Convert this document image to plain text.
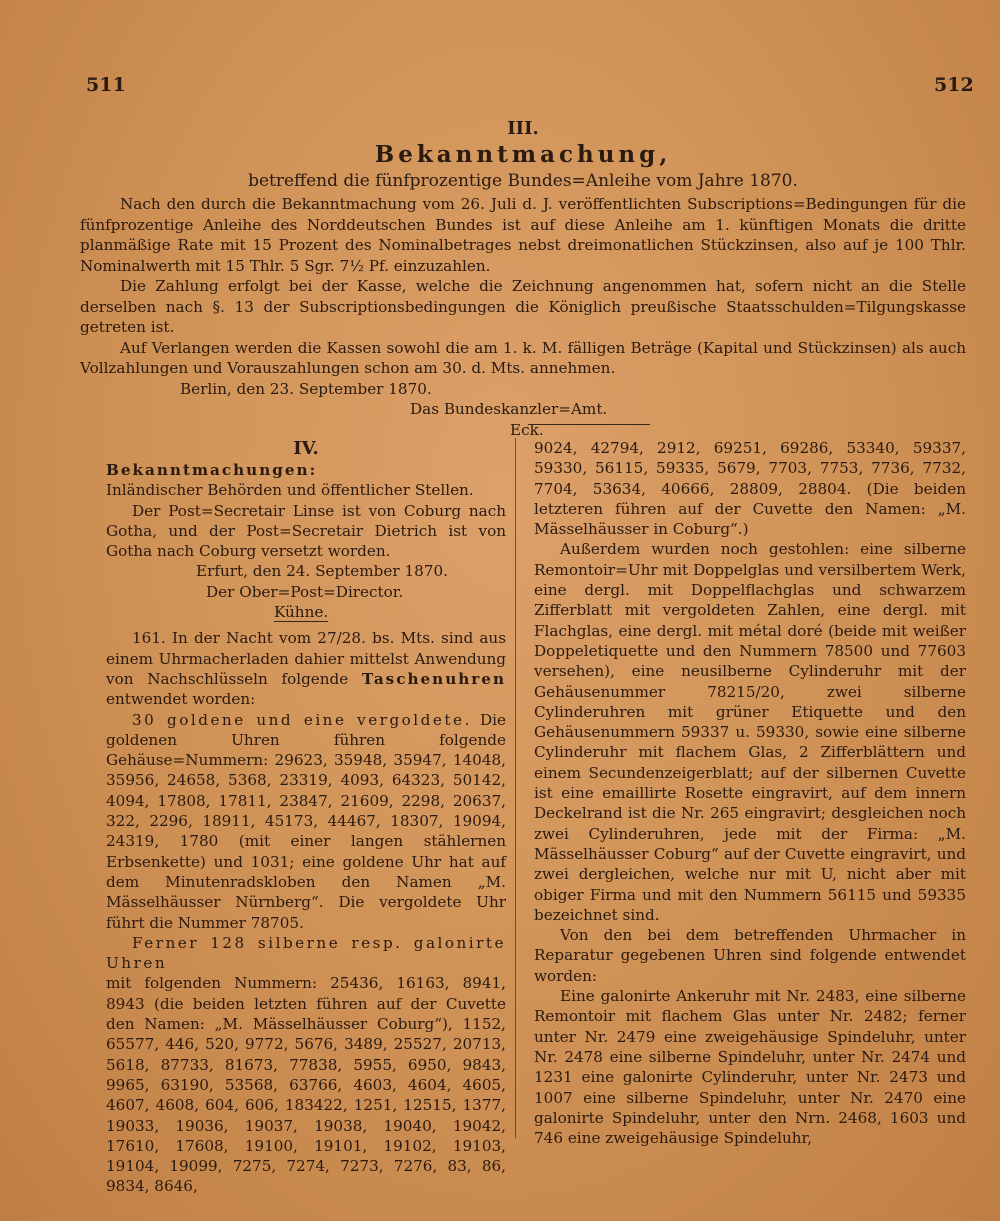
511	512

III.

Bekanntmachung,

betreffend die fünfprozentige Bundes=Anleihe vom Jahre 1870.

Nach den durch die Bekanntmachung vom 26. Juli d. J. veröffentlichten Subscriptions=Bedingungen für die fünfprozentige Anleihe des Norddeutschen Bundes ist auf diese Anleihe am 1. künftigen Monats die dritte planmäßige Rate mit 15 Prozent des Nominalbetrages nebst dreimonatlichen Stückzinsen, also auf je 100 Thlr. Nominalwerth mit 15 Thlr. 5 Sgr. 7½ Pf. einzuzahlen.

Die Zahlung erfolgt bei der Kasse, welche die Zeichnung angenommen hat, sofern nicht an die Stelle derselben nach §. 13 der Subscriptionsbedingungen die Königlich preußische Staatsschulden=Tilgungskasse getreten ist.

Auf Verlangen werden die Kassen sowohl die am 1. k. M. fälligen Beträge (Kapital und Stückzinsen) als auch Vollzahlungen und Vorauszahlungen schon am 30. d. Mts. annehmen.

Berlin, den 23. September 1870.

Das Bundeskanzler=Amt.

Eck.

IV.

Bekanntmachungen:

Inländischer Behörden und öffentlicher Stellen.

Der Post=Secretair Linse ist von Coburg nach Gotha, und der Post=Secretair Dietrich ist von Gotha nach Coburg versetzt worden.

Erfurt, den 24. September 1870.

Der Ober=Post=Director.

Kühne.

161. In der Nacht vom 27/28. bs. Mts. sind aus einem Uhrmacherladen dahier mittelst Anwendung von Nachschlüsseln folgende Taschenuhren entwendet worden:

30 goldene und eine vergoldete. Die goldenen Uhren führen folgende Gehäuse=Nummern: 29623, 35948, 35947, 14048, 35956, 24658, 5368, 23319, 4093, 64323, 50142, 4094, 17808, 17811, 23847, 21609, 2298, 20637, 322, 2296, 18911, 45173, 44467, 18307, 19094, 24319, 1780 (mit einer langen stählernen Erbsenkette) und 1031; eine goldene Uhr hat auf dem Minutenradskloben den Namen „M. Mässelhäusser Nürnberg“. Die vergoldete Uhr führt die Nummer 78705.

Ferner 128 silberne resp. galonirte Uhren

mit folgenden Nummern: 25436, 16163, 8941, 8943 (die beiden letzten führen auf der Cuvette den Namen: „M. Mässelhäusser Coburg“), 1152, 65577, 446, 520, 9772, 5676, 3489, 25527, 20713, 5618, 87733, 81673, 77838, 5955, 6950, 9843, 9965, 63190, 53568, 63766, 4603, 4604, 4605, 4607, 4608, 604, 606, 183422, 1251, 12515, 1377, 19033, 19036, 19037, 19038, 19040, 19042, 17610, 17608, 19100, 19101, 19102, 19103, 19104, 19099, 7275, 7274, 7273, 7276, 83, 86, 9834, 8646,

9024, 42794, 2912, 69251, 69286, 53340, 59337, 59330, 56115, 59335, 5679, 7703, 7753, 7736, 7732, 7704, 53634, 40666, 28809, 28804. (Die beiden letzteren führen auf der Cuvette den Namen: „M. Mässelhäusser in Coburg“.)

Außerdem wurden noch gestohlen: eine silberne Remontoir=Uhr mit Doppelglas und versilbertem Werk, eine dergl. mit Doppelflachglas und schwarzem Zifferblatt mit vergoldeten Zahlen, eine dergl. mit Flachglas, eine dergl. mit métal doré (beide mit weißer Doppeletiquette und den Nummern 78500 und 77603 versehen), eine neusilberne Cylinderuhr mit der Gehäusenummer 78215/20, zwei silberne Cylinderuhren mit grüner Etiquette und den Gehäusenummern 59337 u. 59330, sowie eine silberne Cylinderuhr mit flachem Glas, 2 Zifferblättern und einem Secundenzeigerblatt; auf der silbernen Cuvette ist eine emaillirte Rosette eingravirt, auf dem innern Deckelrand ist die Nr. 265 eingravirt; desgleichen noch zwei Cylinderuhren, jede mit der Firma: „M. Mässelhäusser Coburg“ auf der Cuvette eingravirt, und zwei dergleichen, welche nur mit U, nicht aber mit obiger Firma und mit den Nummern 56115 und 59335 bezeichnet sind.

Von den bei dem betreffenden Uhrmacher in Reparatur gegebenen Uhren sind folgende entwendet worden:

Eine galonirte Ankeruhr mit Nr. 2483, eine silberne Remontoir mit flachem Glas unter Nr. 2482; ferner unter Nr. 2479 eine zweigehäusige Spindeluhr, unter Nr. 2478 eine silberne Spindeluhr, unter Nr. 2474 und 1231 eine galonirte Cylinderuhr, unter Nr. 2473 und 1007 eine silberne Spindeluhr, unter Nr. 2470 eine galonirte Spindeluhr, unter den Nrn. 2468, 1603 und 746 eine zweigehäusige Spindeluhr,
